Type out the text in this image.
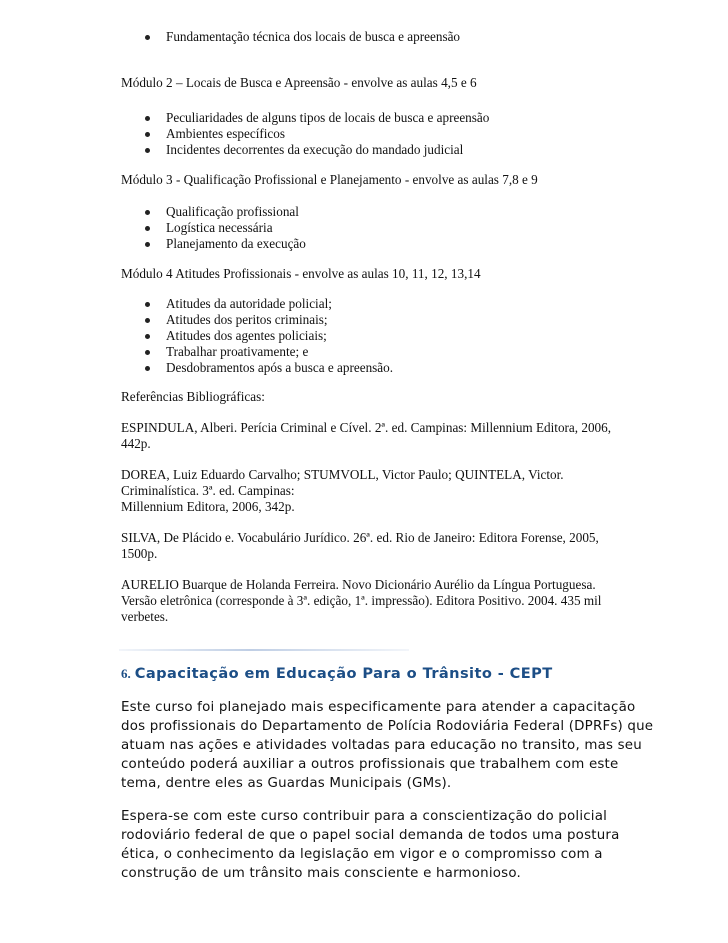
Fundamentação técnica dos locais de busca e apreensão
Módulo 2 – Locais de Busca e Apreensão - envolve as aulas 4,5 e 6
Peculiaridades de alguns tipos de locais de busca e apreensão
Ambientes específicos
Incidentes decorrentes da execução do mandado judicial
Módulo 3 - Qualificação Profissional e Planejamento - envolve as aulas 7,8 e 9
Qualificação profissional
Logística necessária
Planejamento da execução
Módulo 4 Atitudes Profissionais - envolve as aulas 10, 11, 12, 13,14
Atitudes da autoridade policial;
Atitudes dos peritos criminais;
Atitudes dos agentes policiais;
Trabalhar proativamente; e
Desdobramentos após a busca e apreensão.
Referências Bibliográficas:
ESPINDULA, Alberi. Perícia Criminal e Cível. 2ª. ed. Campinas: Millennium Editora, 2006,
442p.
DOREA, Luiz Eduardo Carvalho; STUMVOLL, Victor Paulo; QUINTELA, Victor.
Criminalística. 3ª. ed. Campinas:
Millennium Editora, 2006, 342p.
SILVA, De Plácido e. Vocabulário Jurídico. 26ª. ed. Rio de Janeiro: Editora Forense, 2005,
1500p.
AURELIO Buarque de Holanda Ferreira. Novo Dicionário Aurélio da Língua Portuguesa.
Versão eletrônica (corresponde à 3ª. edição, 1ª. impressão). Editora Positivo. 2004. 435 mil
verbetes.
6. Capacitação em Educação Para o Trânsito - CEPT
Este curso foi planejado mais especificamente para atender a capacitação
dos profissionais do Departamento de Polícia Rodoviária Federal (DPRFs) que
atuam nas ações e atividades voltadas para educação no transito, mas seu
conteúdo poderá auxiliar a outros profissionais que trabalhem com este
tema, dentre eles as Guardas Municipais (GMs).
Espera-se com este curso contribuir para a conscientização do policial
rodoviário federal de que o papel social demanda de todos uma postura
ética, o conhecimento da legislação em vigor e o compromisso com a
construção de um trânsito mais consciente e harmonioso.
